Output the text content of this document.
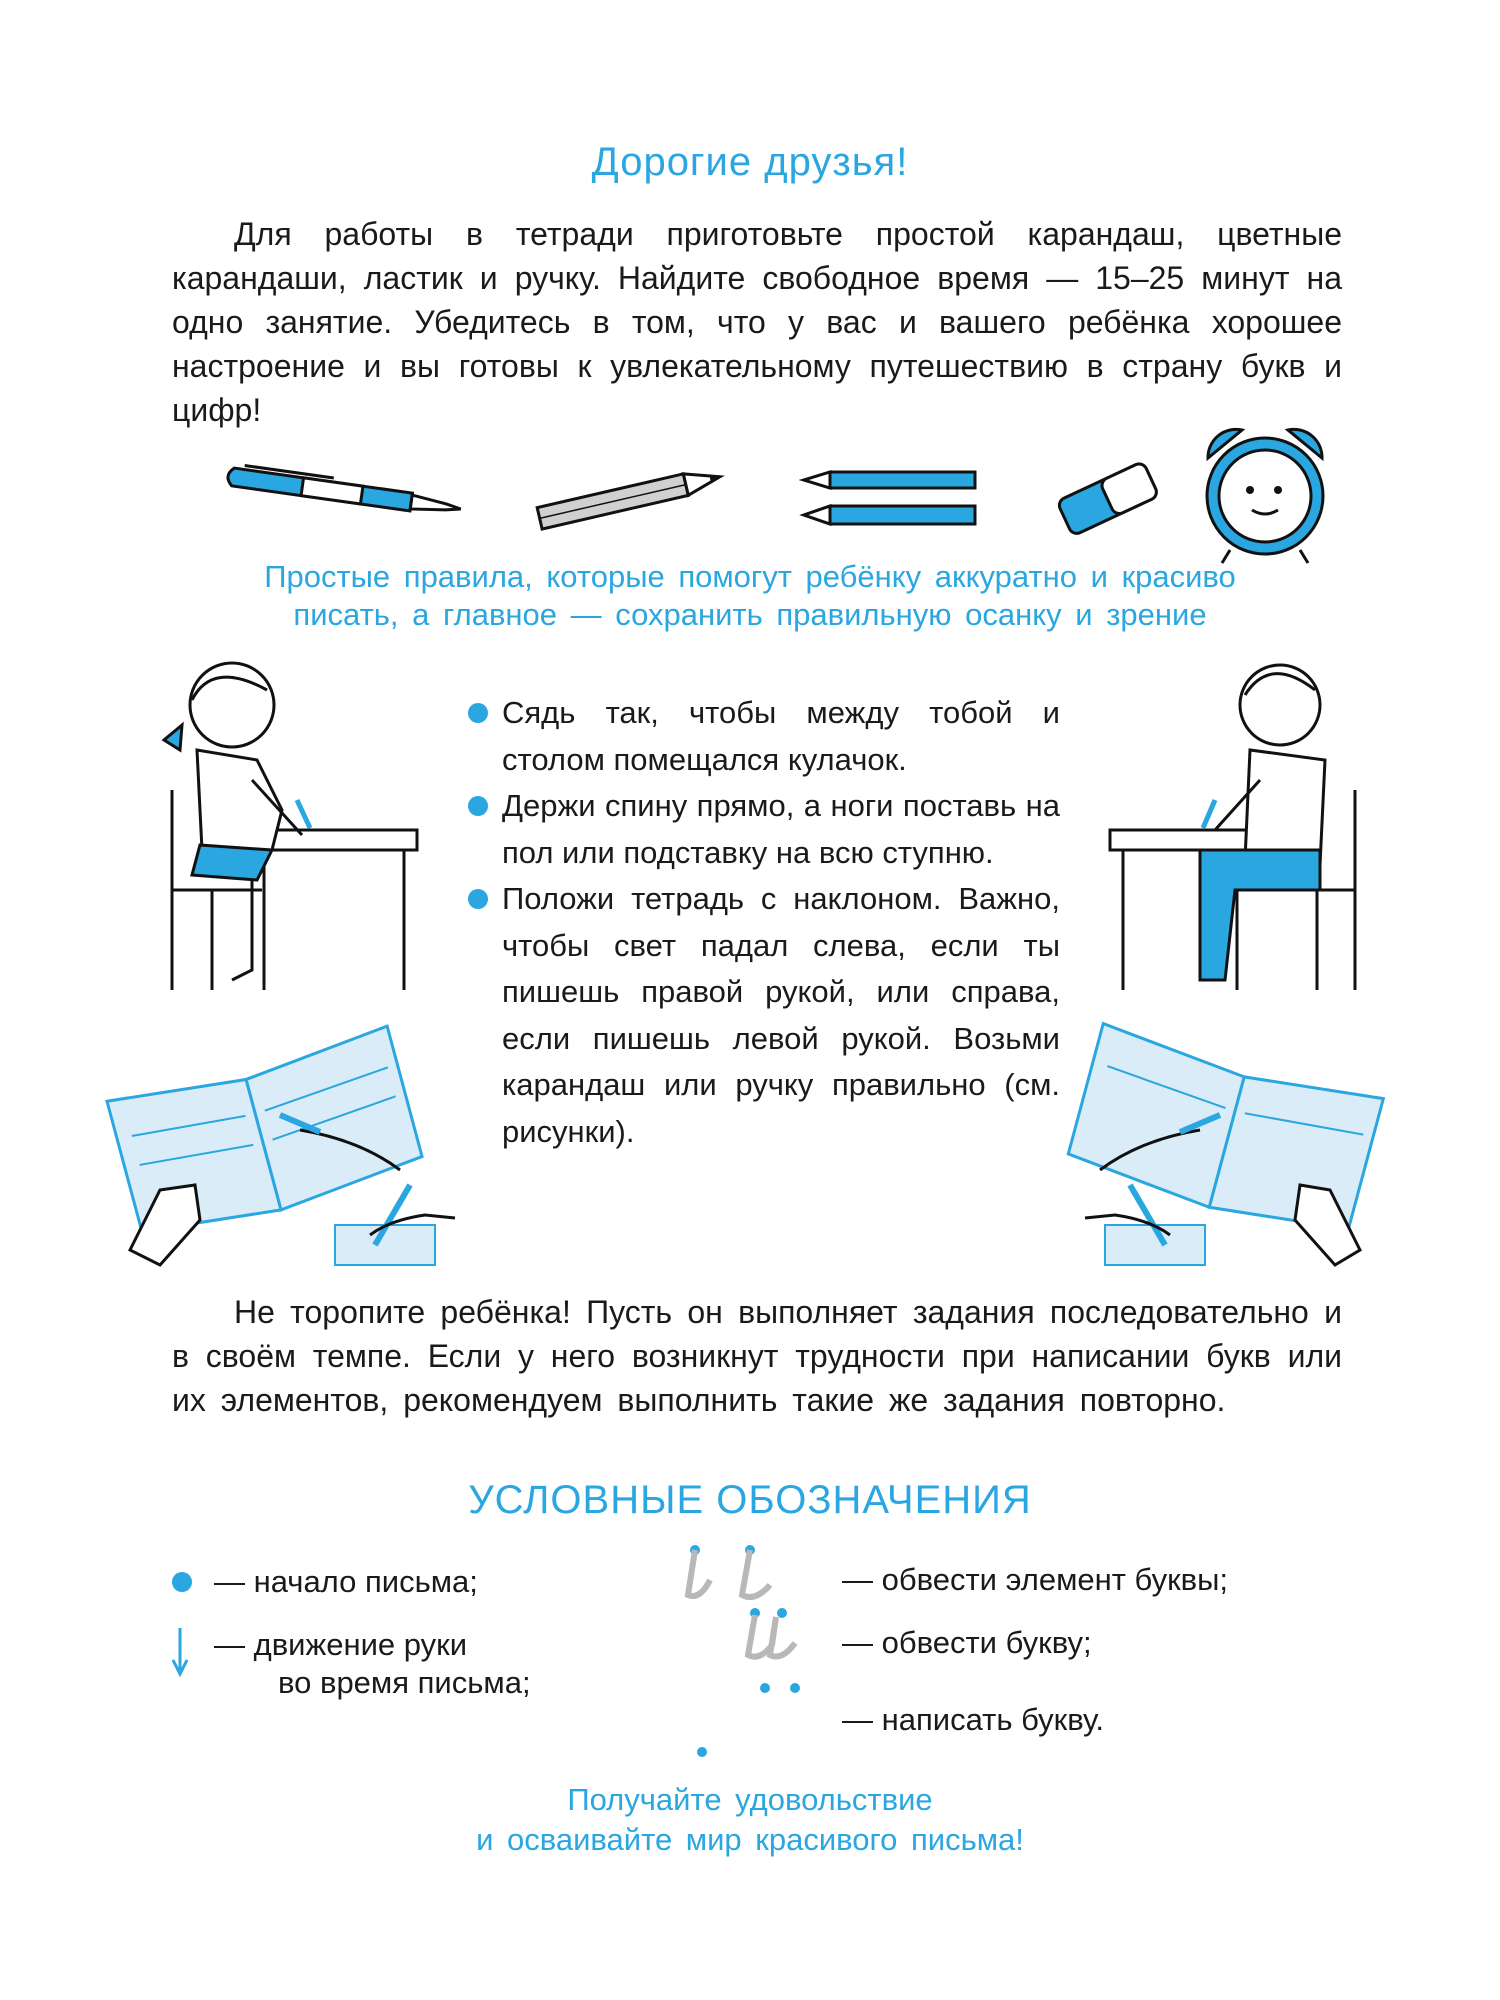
Дорогие друзья!

Для работы в тетради приготовьте простой карандаш, цветные карандаши, ластик и ручку. Найдите свободное время — 15–25 минут на одно занятие. Убедитесь в том, что у вас и вашего ребёнка хорошее настроение и вы готовы к увлекательному путешествию в страну букв и цифр!

Простые правила, которые помогут ребёнку аккуратно и красиво писать, а главное — сохранить правильную осанку и зрение

Сядь так, чтобы между тобой и столом помещался кулачок.

Держи спину прямо, а ноги поставь на пол или подставку на всю ступню.

Положи тетрадь с наклоном. Важно, чтобы свет падал слева, если ты пишешь правой рукой, или справа, если пишешь левой рукой. Возьми карандаш или ручку правильно (см. рисунки).

Не торопите ребёнка! Пусть он выполняет задания последовательно и в своём темпе. Если у него возникнут трудности при написании букв или их элементов, рекомендуем выполнить такие же задания повторно.

УСЛОВНЫЕ ОБОЗНАЧЕНИЯ
— начало письма;
— движение руки
во время письма;
— обвести элемент буквы;
— обвести букву;
— написать букву.
Получайте удовольствие
и осваивайте мир красивого письма!
